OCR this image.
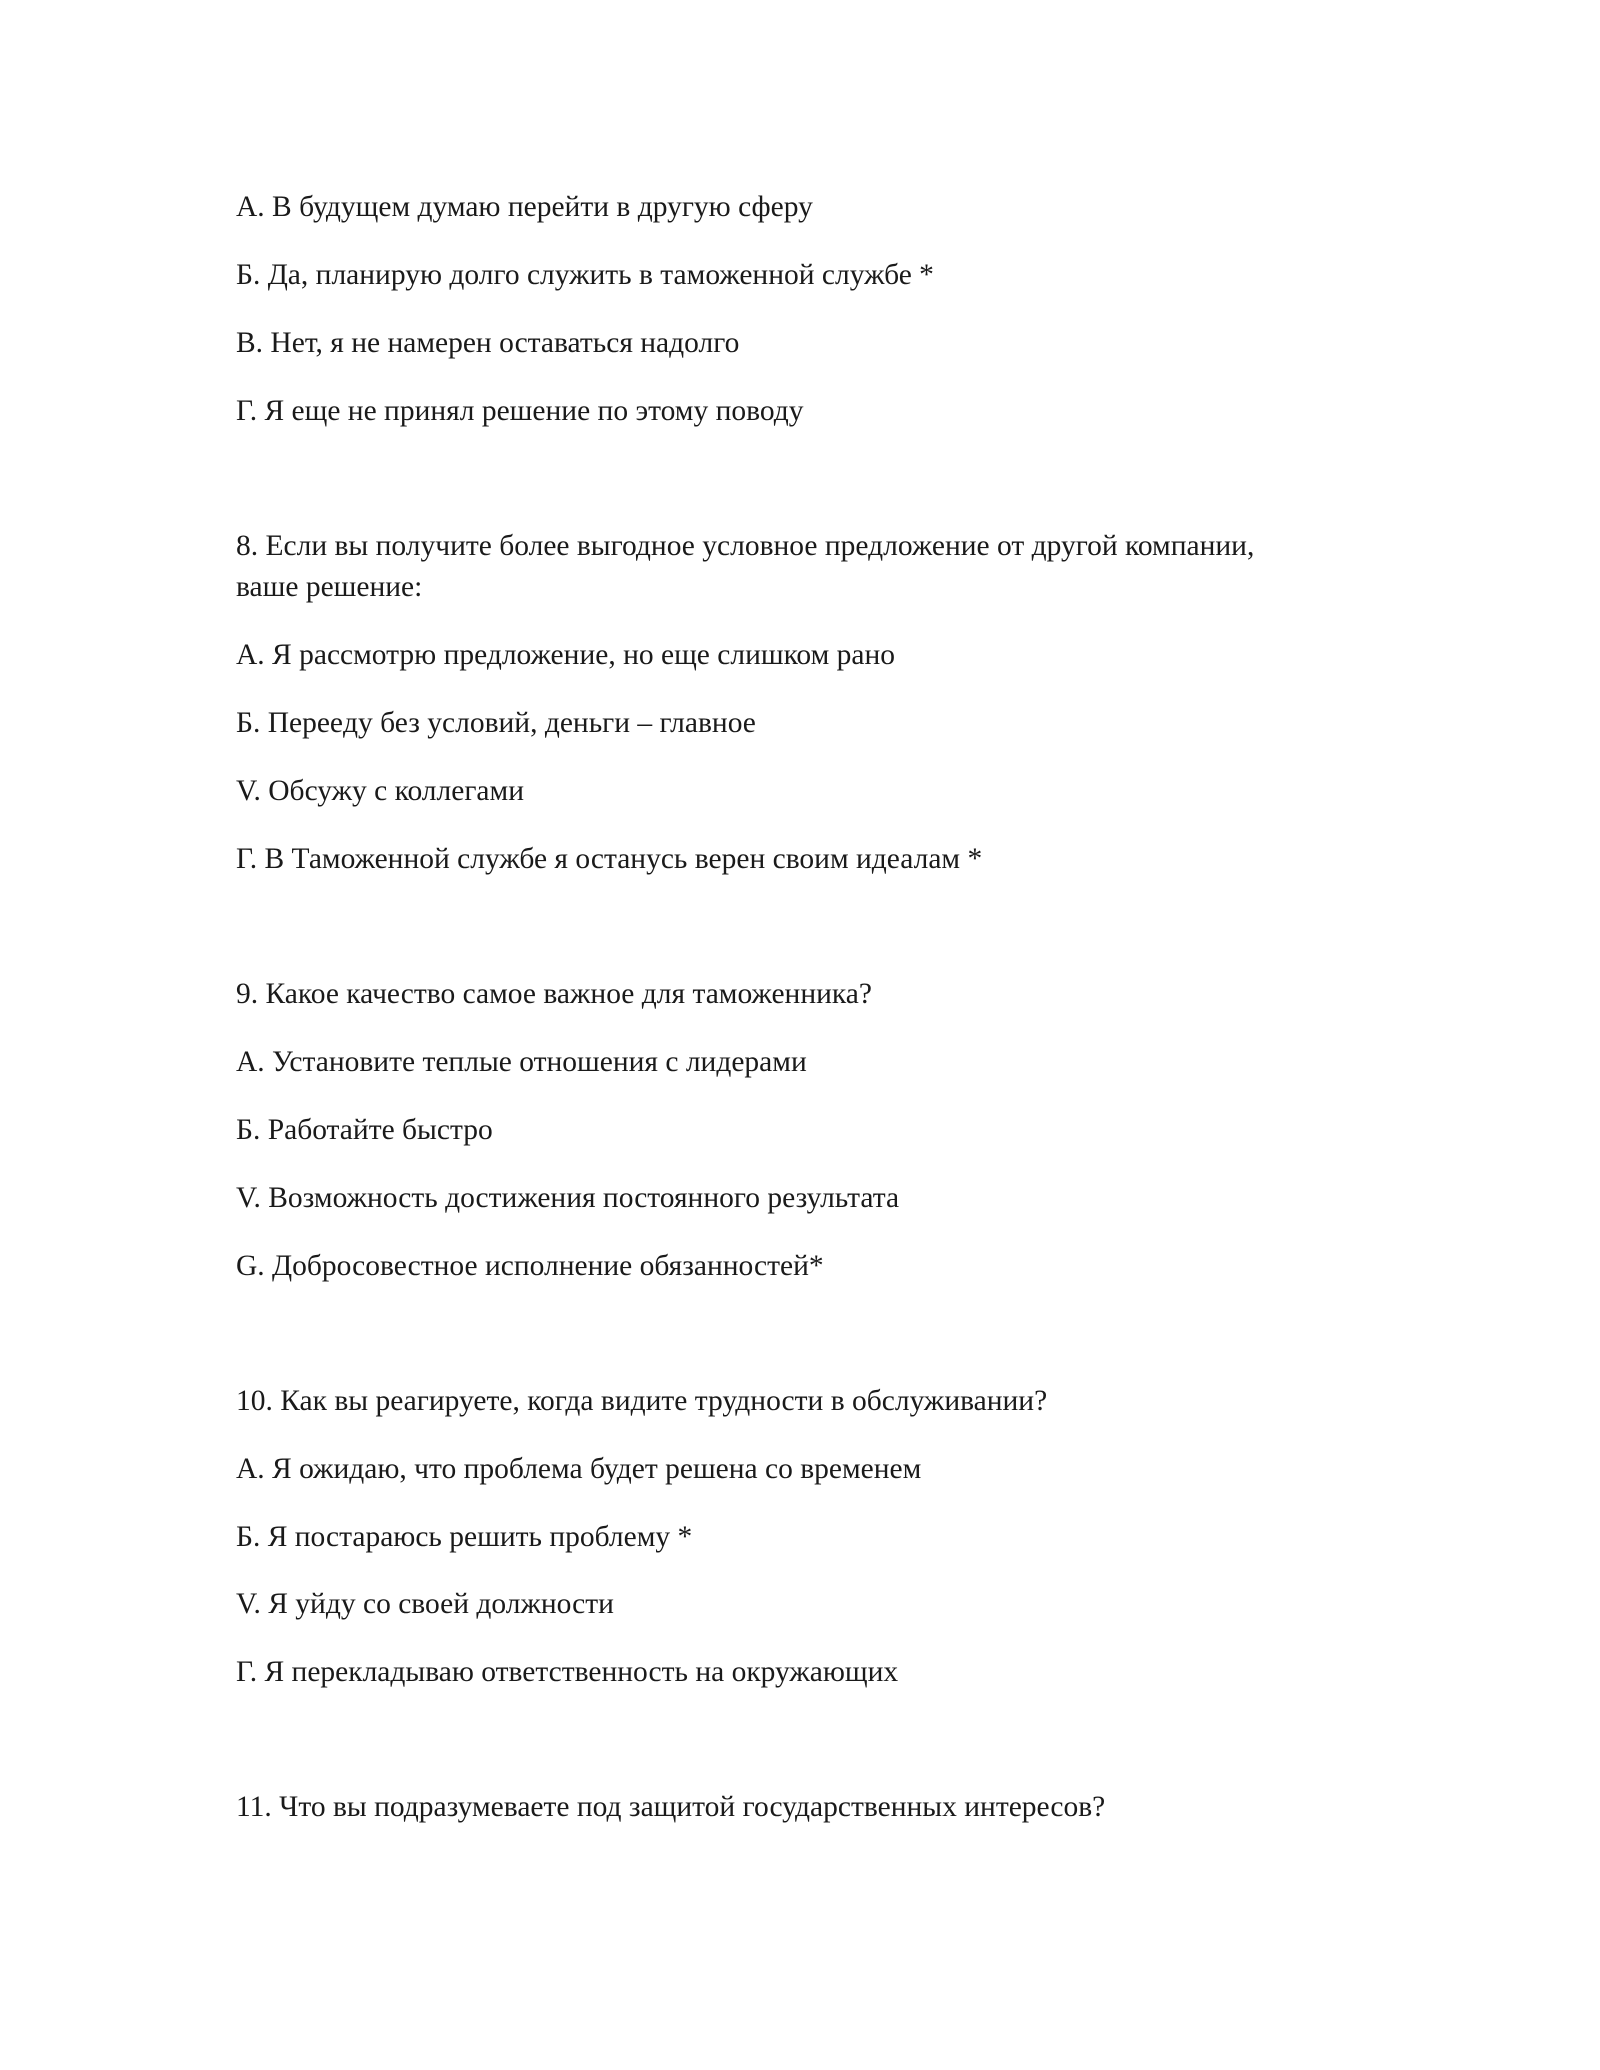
А. В будущем думаю перейти в другую сферу
Б. Да, планирую долго служить в таможенной службе *
В. Нет, я не намерен оставаться надолго
Г. Я еще не принял решение по этому поводу
8. Если вы получите более выгодное условное предложение от другой компании,
ваше решение:
А. Я рассмотрю предложение, но еще слишком рано
Б. Переeду без условий, деньги – главное
V. Обсужу с коллегами
Г. В Таможенной службе я останусь верен своим идеалам *
9. Какое качество самое важное для таможенника?
А. Установите теплые отношения с лидерами
Б. Работайте быстро
V. Возможность достижения постоянного результата
G. Добросовестное исполнение обязанностей*
10. Как вы реагируете, когда видите трудности в обслуживании?
А. Я ожидаю, что проблема будет решена со временем
Б. Я постараюсь решить проблему *
V. Я уйду со своей должности
Г. Я перекладываю ответственность на окружающих
11. Что вы подразумеваете под защитой государственных интересов?
